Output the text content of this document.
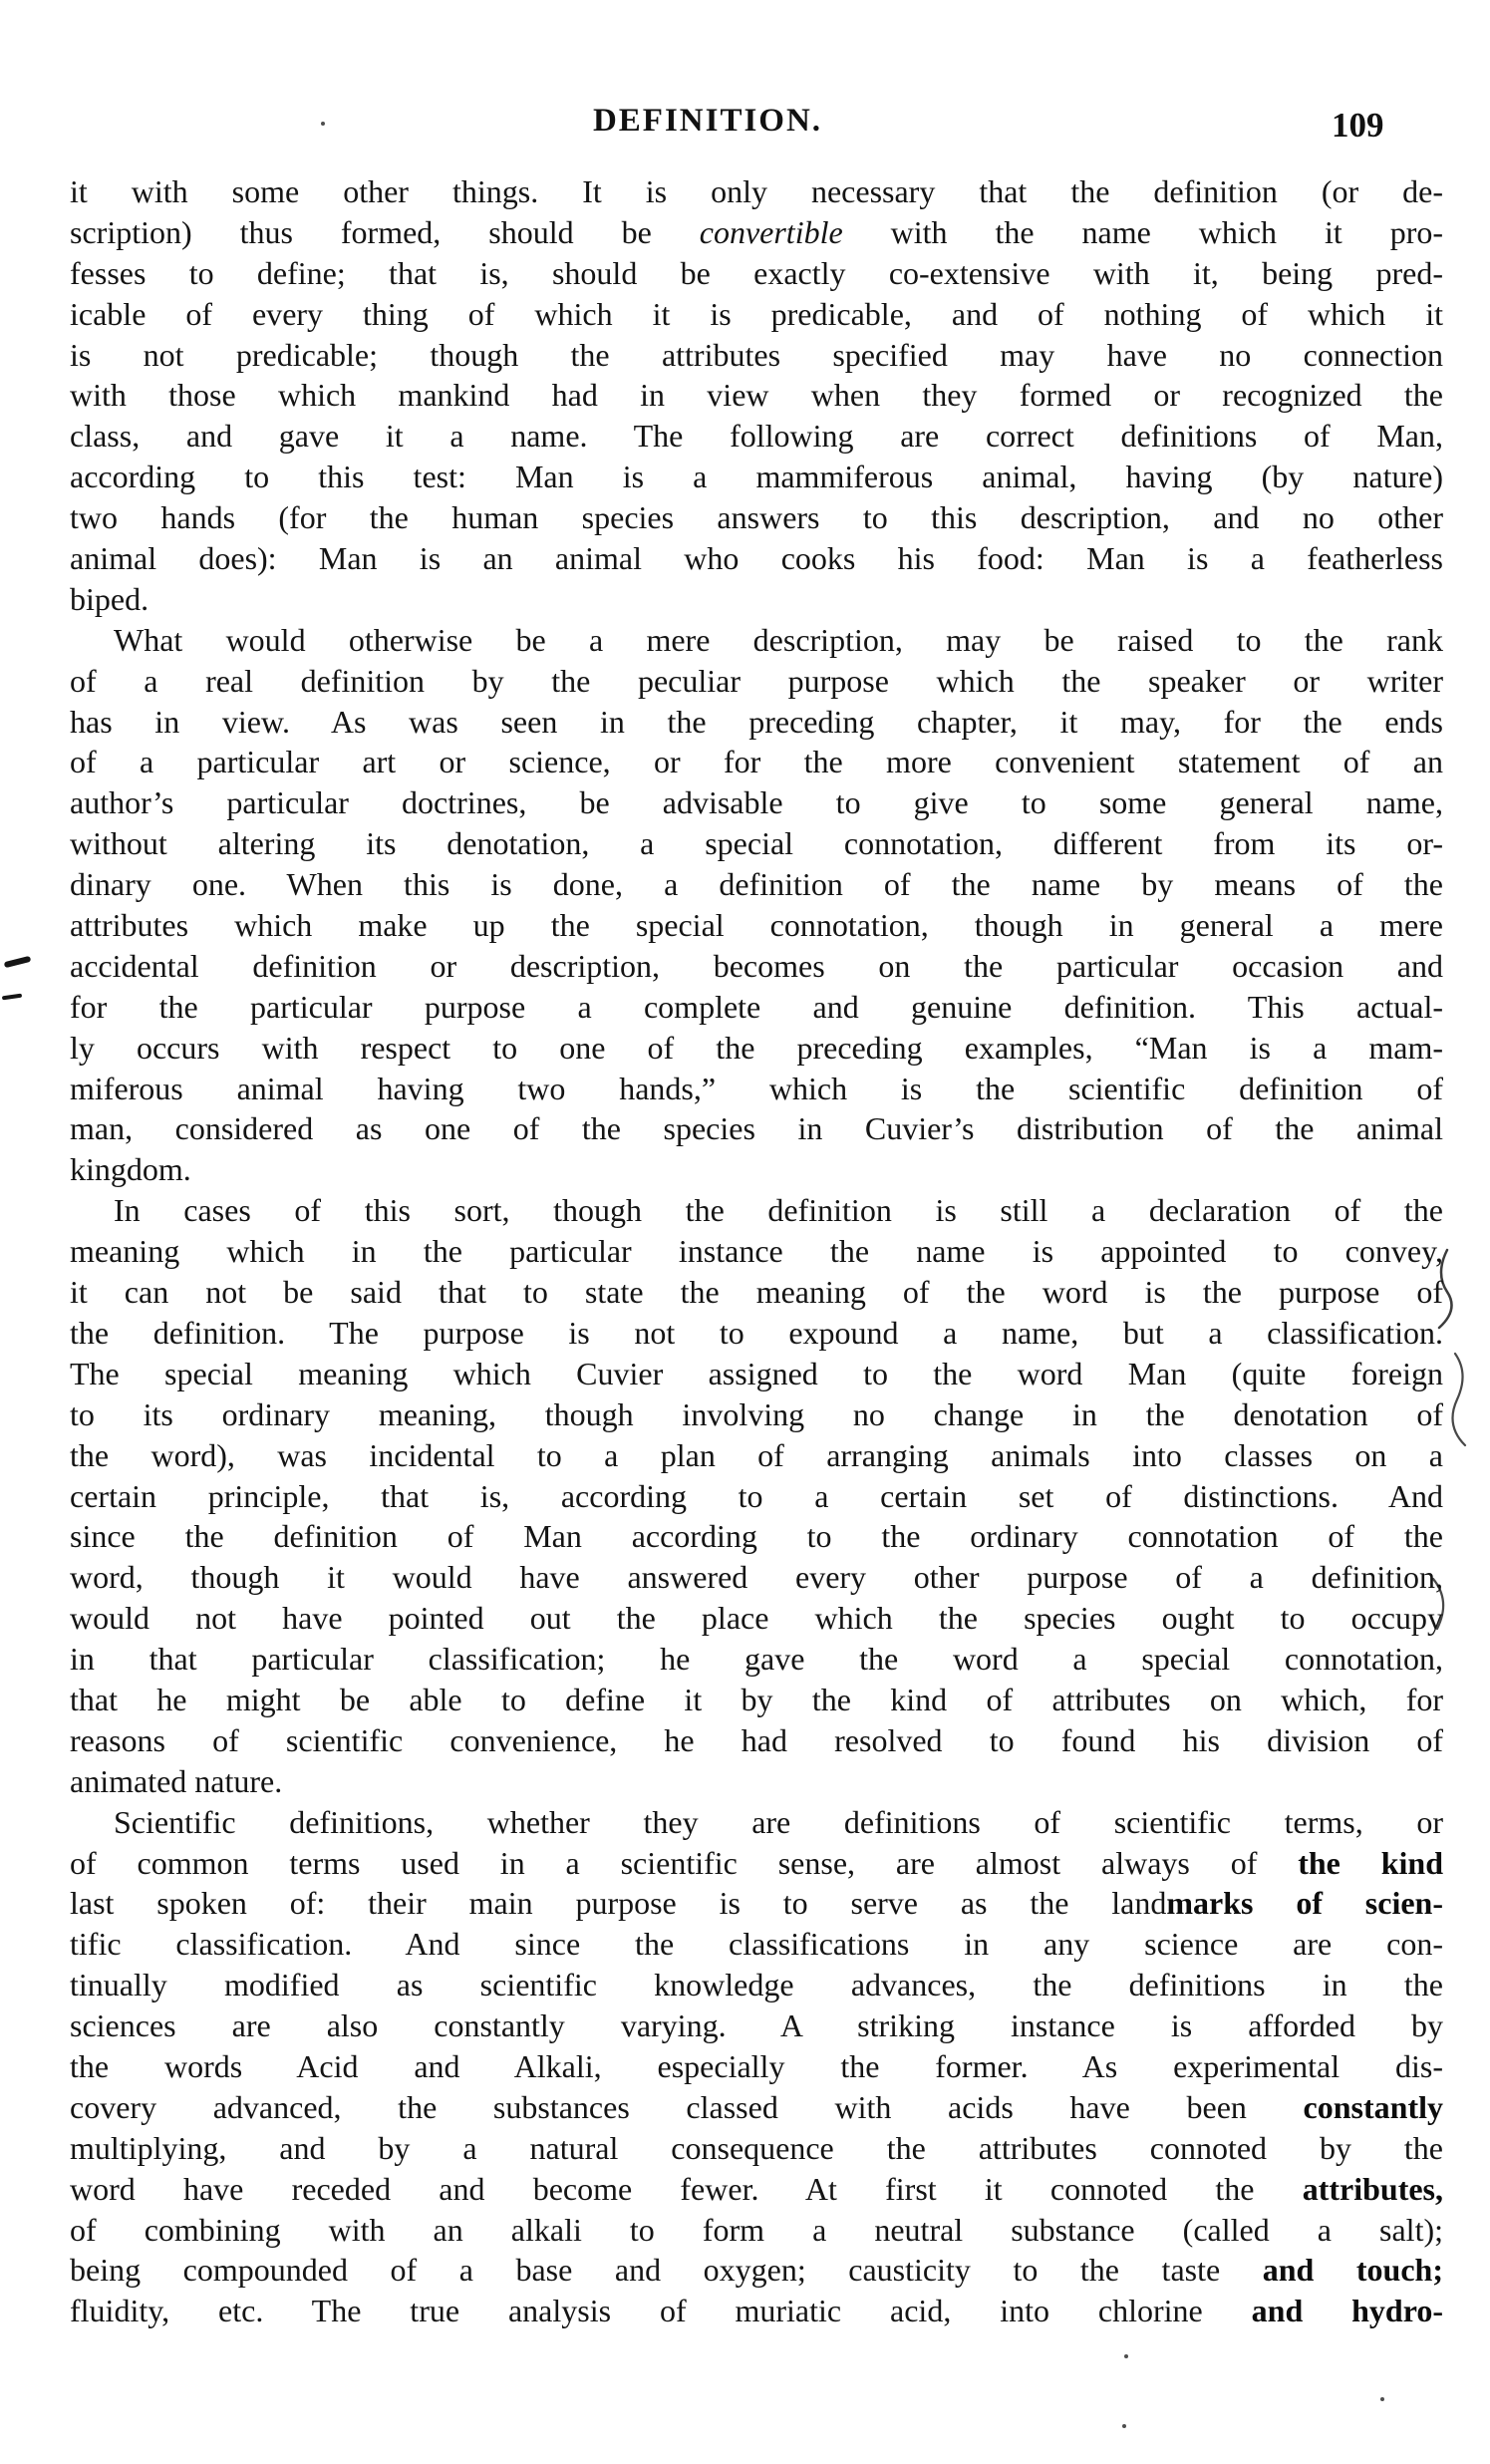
DEFINITION.	109
it with some other things. It is only necessary that the definition (or de-
scription) thus formed, should be convertible with the name which it pro-
fesses to define; that is, should be exactly co-extensive with it, being pred-
icable of every thing of which it is predicable, and of nothing of which it
is not predicable; though the attributes specified may have no connection
with those which mankind had in view when they formed or recognized the
class, and gave it a name. The following are correct definitions of Man,
according to this test: Man is a mammiferous animal, having (by nature)
two hands (for the human species answers to this description, and no other
animal does): Man is an animal who cooks his food: Man is a featherless
biped.
What would otherwise be a mere description, may be raised to the rank
of a real definition by the peculiar purpose which the speaker or writer
has in view. As was seen in the preceding chapter, it may, for the ends
of a particular art or science, or for the more convenient statement of an
author’s particular doctrines, be advisable to give to some general name,
without altering its denotation, a special connotation, different from its or-
dinary one. When this is done, a definition of the name by means of the
attributes which make up the special connotation, though in general a mere
accidental definition or description, becomes on the particular occasion and
for the particular purpose a complete and genuine definition. This actual-
ly occurs with respect to one of the preceding examples, “Man is a mam-
miferous animal having two hands,” which is the scientific definition of
man, considered as one of the species in Cuvier’s distribution of the animal
kingdom.
In cases of this sort, though the definition is still a declaration of the
meaning which in the particular instance the name is appointed to convey,
it can not be said that to state the meaning of the word is the purpose of
the definition. The purpose is not to expound a name, but a classification.
The special meaning which Cuvier assigned to the word Man (quite foreign
to its ordinary meaning, though involving no change in the denotation of
the word), was incidental to a plan of arranging animals into classes on a
certain principle, that is, according to a certain set of distinctions. And
since the definition of Man according to the ordinary connotation of the
word, though it would have answered every other purpose of a definition,
would not have pointed out the place which the species ought to occupy
in that particular classification; he gave the word a special connotation,
that he might be able to define it by the kind of attributes on which, for
reasons of scientific convenience, he had resolved to found his division of
animated nature.
Scientific definitions, whether they are definitions of scientific terms, or
of common terms used in a scientific sense, are almost always of the kind
last spoken of: their main purpose is to serve as the landmarks of scien-
tific classification. And since the classifications in any science are con-
tinually modified as scientific knowledge advances, the definitions in the
sciences are also constantly varying. A striking instance is afforded by
the words Acid and Alkali, especially the former. As experimental dis-
covery advanced, the substances classed with acids have been constantly
multiplying, and by a natural consequence the attributes connoted by the
word have receded and become fewer. At first it connoted the attributes,
of combining with an alkali to form a neutral substance (called a salt);
being compounded of a base and oxygen; causticity to the taste and touch;
fluidity, etc. The true analysis of muriatic acid, into chlorine and hydro-
